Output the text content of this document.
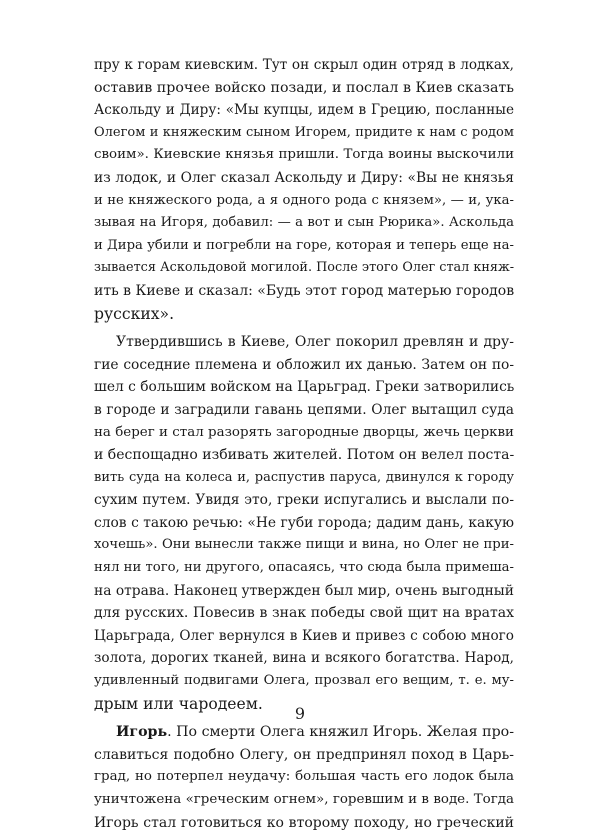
пру к горам киевским. Тут он скрыл один отряд в лодках,
оставив прочее войско позади, и послал в Киев сказать
Аскольду и Диру: «Мы купцы, идем в Грецию, посланные
Олегом и княжеским сыном Игорем, придите к нам с родом
своим». Киевские князья пришли. Тогда воины выскочили
из лодок, и Олег сказал Аскольду и Диру: «Вы не князья
и не княжеского рода, а я одного рода с князем», — и, ука-
зывая на Игоря, добавил: — а вот и сын Рюрика». Аскольда
и Дира убили и погребли на горе, которая и теперь еще на-
зывается Аскольдовой могилой. После этого Олег стал княж-
ить в Киеве и сказал: «Будь этот город матерью городов
русских».
Утвердившись в Киеве, Олег покорил древлян и дру-
гие соседние племена и обложил их данью. Затем он по-
шел с большим войском на Царьград. Греки затворились
в городе и заградили гавань цепями. Олег вытащил суда
на берег и стал разорять загородные дворцы, жечь церкви
и беспощадно избивать жителей. Потом он велел поста-
вить суда на колеса и, распустив паруса, двинулся к городу
сухим путем. Увидя это, греки испугались и выслали по-
слов с такою речью: «Не губи города; дадим дань, какую
хочешь». Они вынесли также пищи и вина, но Олег не при-
нял ни того, ни другого, опасаясь, что сюда была примеша-
на отрава. Наконец утвержден был мир, очень выгодный
для русских. Повесив в знак победы свой щит на вратах
Царьграда, Олег вернулся в Киев и привез с собою много
золота, дорогих тканей, вина и всякого богатства. Народ,
удивленный подвигами Олега, прозвал его вещим, т. е. му-
дрым или чародеем.
Игорь. По смерти Олега княжил Игорь. Желая про-
славиться подобно Олегу, он предпринял поход в Царь-
град, но потерпел неудачу: большая часть его лодок была
уничтожена «греческим огнем», горевшим и в воде. Тогда
Игорь стал готовиться ко второму походу, но греческий
9
